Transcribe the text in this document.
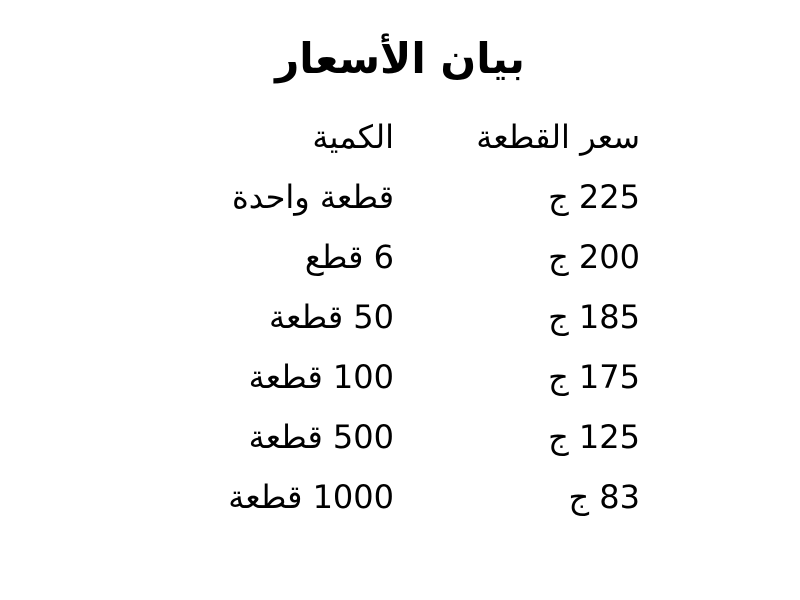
بيان الأسعار
سعر القطعة
الكمية
225 ج
قطعة واحدة
200 ج
6 قطع
185 ج
50 قطعة
175 ج
100 قطعة
125 ج
500 قطعة
83 ج
1000 قطعة
